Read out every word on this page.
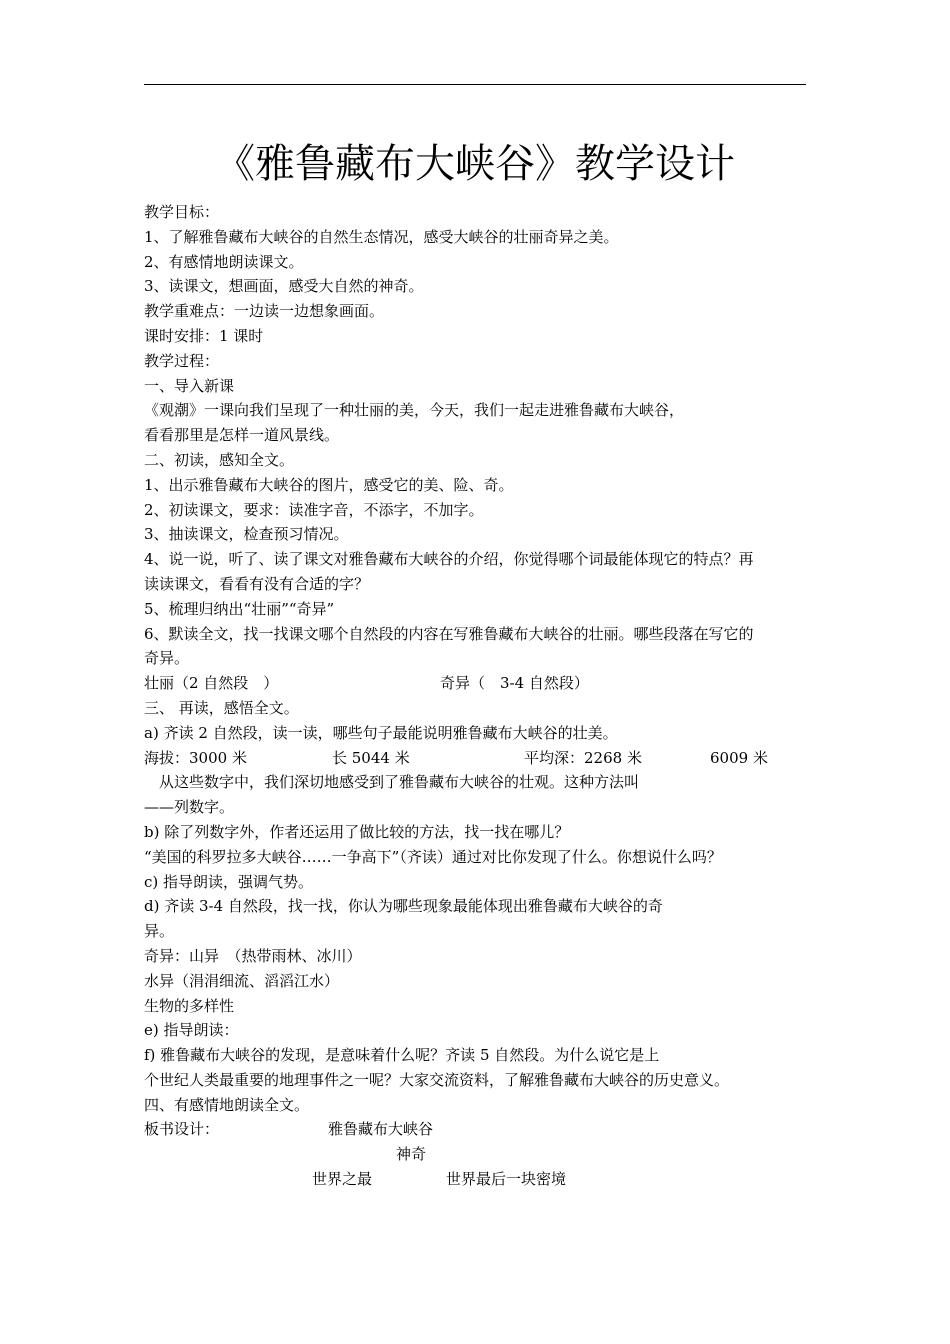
《雅鲁藏布大峡谷》教学设计
教学目标：
1、了解雅鲁藏布大峡谷的自然生态情况，感受大峡谷的壮丽奇异之美。
2、有感情地朗读课文。
3、读课文，想画面，感受大自然的神奇。
教学重难点：一边读一边想象画面。
课时安排：1 课时
教学过程：
一、导入新课
《观潮》一课向我们呈现了一种壮丽的美，今天，我们一起走进雅鲁藏布大峡谷，
看看那里是怎样一道风景线。
二、初读，感知全文。
1、出示雅鲁藏布大峡谷的图片，感受它的美、险、奇。
2、初读课文，要求：读准字音，不添字，不加字。
3、抽读课文，检查预习情况。
4、说一说，听了、读了课文对雅鲁藏布大峡谷的介绍，你觉得哪个词最能体现它的特点？再
读读课文，看看有没有合适的字？
5、梳理归纳出“壮丽”“奇异”
6、默读全文，找一找课文哪个自然段的内容在写雅鲁藏布大峡谷的壮丽。哪些段落在写它的
奇异。
壮丽（2 自然段　）	奇异（　3-4 自然段）
三、 再读，感悟全文。
a) 齐读 2 自然段，读一读，哪些句子最能说明雅鲁藏布大峡谷的壮美。
海拔：3000 米	长 5044 米	平均深：2268 米	6009 米
　从这些数字中，我们深切地感受到了雅鲁藏布大峡谷的壮观。这种方法叫
——列数字。
b) 除了列数字外，作者还运用了做比较的方法，找一找在哪儿？
“美国的科罗拉多大峡谷……一争高下”（齐读）通过对比你发现了什么。你想说什么吗？
c) 指导朗读，强调气势。
d) 齐读 3-4 自然段，找一找，你认为哪些现象最能体现出雅鲁藏布大峡谷的奇
异。
奇异：山异　（热带雨林、冰川）
水异（涓涓细流、滔滔江水）
生物的多样性
e) 指导朗读：
f) 雅鲁藏布大峡谷的发现，是意味着什么呢？齐读 5 自然段。为什么说它是上
个世纪人类最重要的地理事件之一呢？大家交流资料，了解雅鲁藏布大峡谷的历史意义。
四、有感情地朗读全文。
板书设计：	雅鲁藏布大峡谷
神奇
世界之最	世界最后一块密境
